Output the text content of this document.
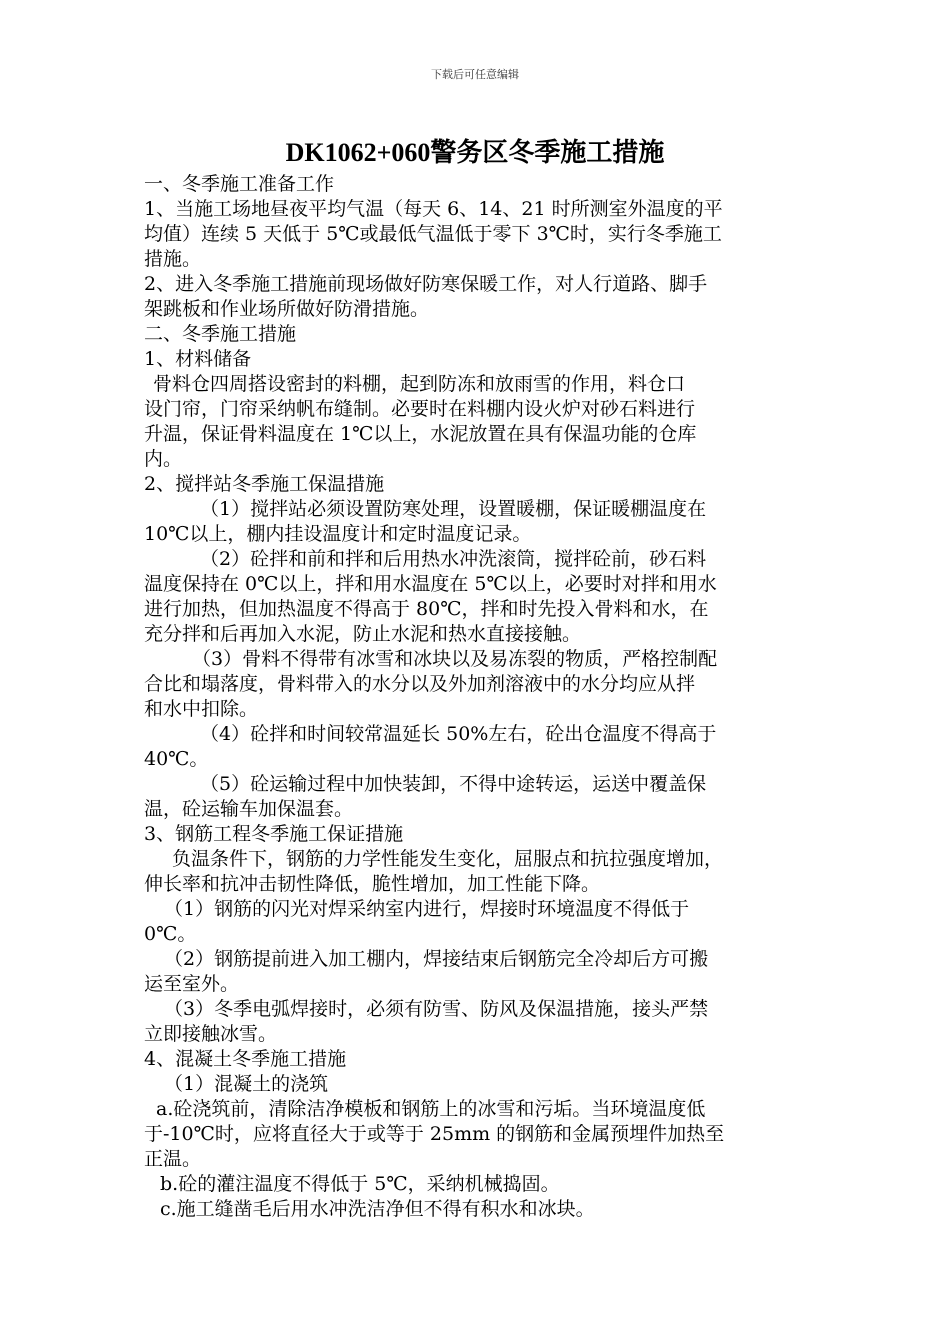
下载后可任意编辑
DK1062+060警务区冬季施工措施
一、冬季施工准备工作
1、当施工场地昼夜平均气温（每天 6、14、21 时所测室外温度的平
均值）连续 5 天低于 5℃或最低气温低于零下 3℃时，实行冬季施工
措施。
2、进入冬季施工措施前现场做好防寒保暖工作，对人行道路、脚手
架跳板和作业场所做好防滑措施。
二、冬季施工措施
1、材料储备
骨料仓四周搭设密封的料棚，起到防冻和放雨雪的作用，料仓口
设门帘，门帘采纳帆布缝制。必要时在料棚内设火炉对砂石料进行
升温，保证骨料温度在 1℃以上，水泥放置在具有保温功能的仓库
内。
2、搅拌站冬季施工保温措施
（1）搅拌站必须设置防寒处理，设置暖棚，保证暖棚温度在
10℃以上，棚内挂设温度计和定时温度记录。
（2）砼拌和前和拌和后用热水冲洗滚筒，搅拌砼前，砂石料
温度保持在 0℃以上，拌和用水温度在 5℃以上，必要时对拌和用水
进行加热，但加热温度不得高于 80℃，拌和时先投入骨料和水，在
充分拌和后再加入水泥，防止水泥和热水直接接触。
（3）骨料不得带有冰雪和冰块以及易冻裂的物质，严格控制配
合比和塌落度，骨料带入的水分以及外加剂溶液中的水分均应从拌
和水中扣除。
（4）砼拌和时间较常温延长 50%左右，砼出仓温度不得高于
40℃。
（5）砼运输过程中加快装卸，不得中途转运，运送中覆盖保
温，砼运输车加保温套。
3、钢筋工程冬季施工保证措施
负温条件下，钢筋的力学性能发生变化，屈服点和抗拉强度增加，
伸长率和抗冲击韧性降低，脆性增加，加工性能下降。
（1）钢筋的闪光对焊采纳室内进行，焊接时环境温度不得低于
0℃。
（2）钢筋提前进入加工棚内，焊接结束后钢筋完全冷却后方可搬
运至室外。
（3）冬季电弧焊接时，必须有防雪、防风及保温措施，接头严禁
立即接触冰雪。
4、混凝土冬季施工措施
（1）混凝土的浇筑
a.砼浇筑前，清除洁净模板和钢筋上的冰雪和污垢。当环境温度低
于-10℃时，应将直径大于或等于 25mm 的钢筋和金属预埋件加热至
正温。
b.砼的灌注温度不得低于 5℃，采纳机械捣固。
c.施工缝凿毛后用水冲洗洁净但不得有积水和冰块。
